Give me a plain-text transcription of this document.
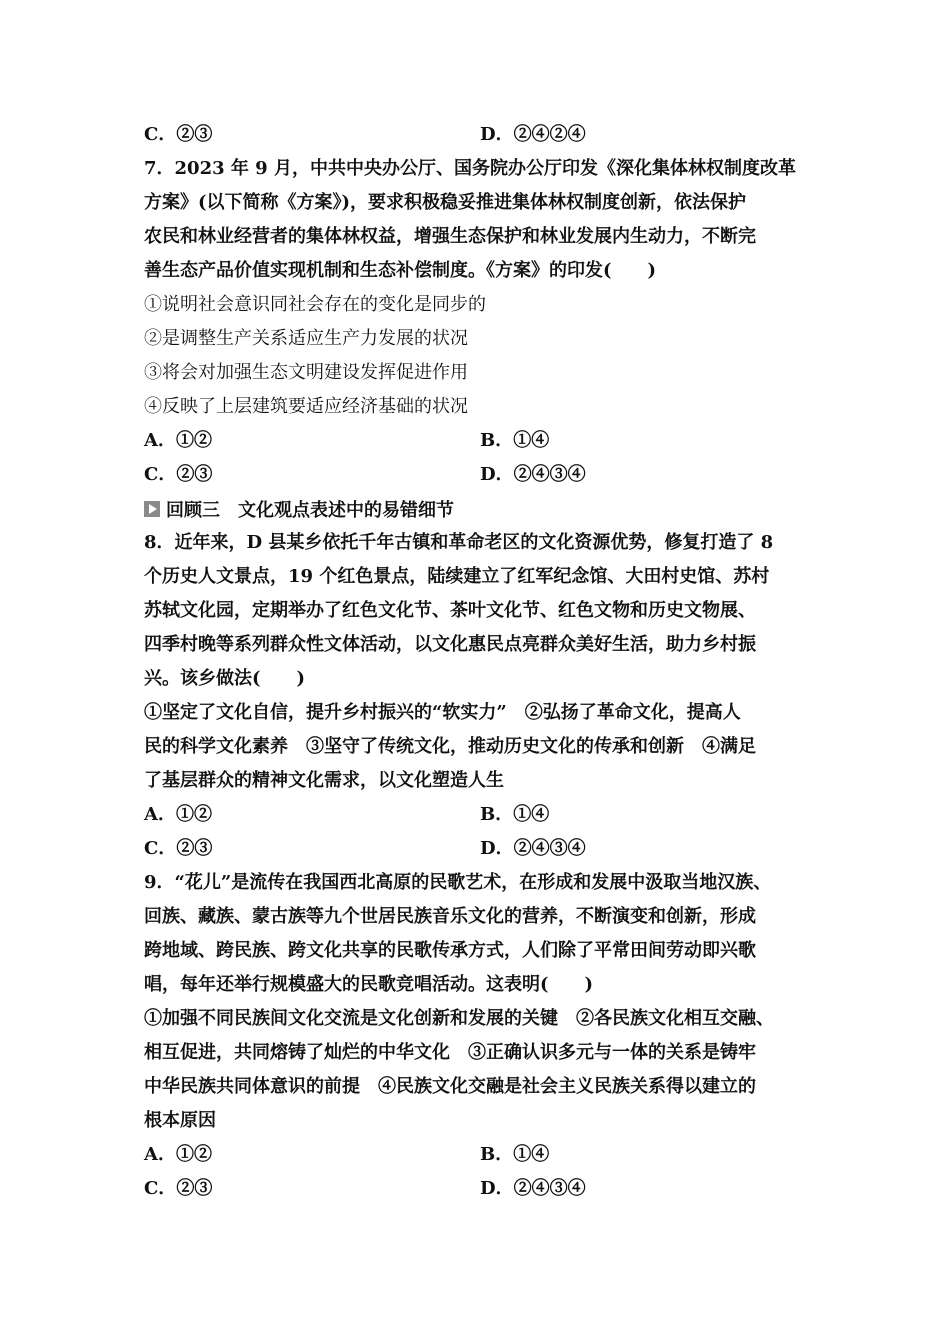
C．②③	D．②④②④
7．2023 年 9 月，中共中央办公厅、国务院办公厅印发《深化集体林权制度改革
方案》(以下简称《方案》)，要求积极稳妥推进集体林权制度创新，依法保护
农民和林业经营者的集体林权益，增强生态保护和林业发展内生动力，不断完
善生态产品价值实现机制和生态补偿制度。《方案》的印发(　　)
①说明社会意识同社会存在的变化是同步的
②是调整生产关系适应生产力发展的状况
③将会对加强生态文明建设发挥促进作用
④反映了上层建筑要适应经济基础的状况
A．①②	B．①④
C．②③	D．②④③④
回顾三　文化观点表述中的易错细节
8．近年来，D 县某乡依托千年古镇和革命老区的文化资源优势，修复打造了 8
个历史人文景点，19 个红色景点，陆续建立了红军纪念馆、大田村史馆、苏村
苏轼文化园，定期举办了红色文化节、茶叶文化节、红色文物和历史文物展、
四季村晚等系列群众性文体活动，以文化惠民点亮群众美好生活，助力乡村振
兴。该乡做法(　　)
①坚定了文化自信，提升乡村振兴的“软实力”　②弘扬了革命文化，提高人
民的科学文化素养　③坚守了传统文化，推动历史文化的传承和创新　④满足
了基层群众的精神文化需求，以文化塑造人生
A．①②	B．①④
C．②③	D．②④③④
9．“花儿”是流传在我国西北高原的民歌艺术，在形成和发展中汲取当地汉族、
回族、藏族、蒙古族等九个世居民族音乐文化的营养，不断演变和创新，形成
跨地域、跨民族、跨文化共享的民歌传承方式，人们除了平常田间劳动即兴歌
唱，每年还举行规模盛大的民歌竞唱活动。这表明(　　)
①加强不同民族间文化交流是文化创新和发展的关键　②各民族文化相互交融、
相互促进，共同熔铸了灿烂的中华文化　③正确认识多元与一体的关系是铸牢
中华民族共同体意识的前提　④民族文化交融是社会主义民族关系得以建立的
根本原因
A．①②	B．①④
C．②③	D．②④③④
